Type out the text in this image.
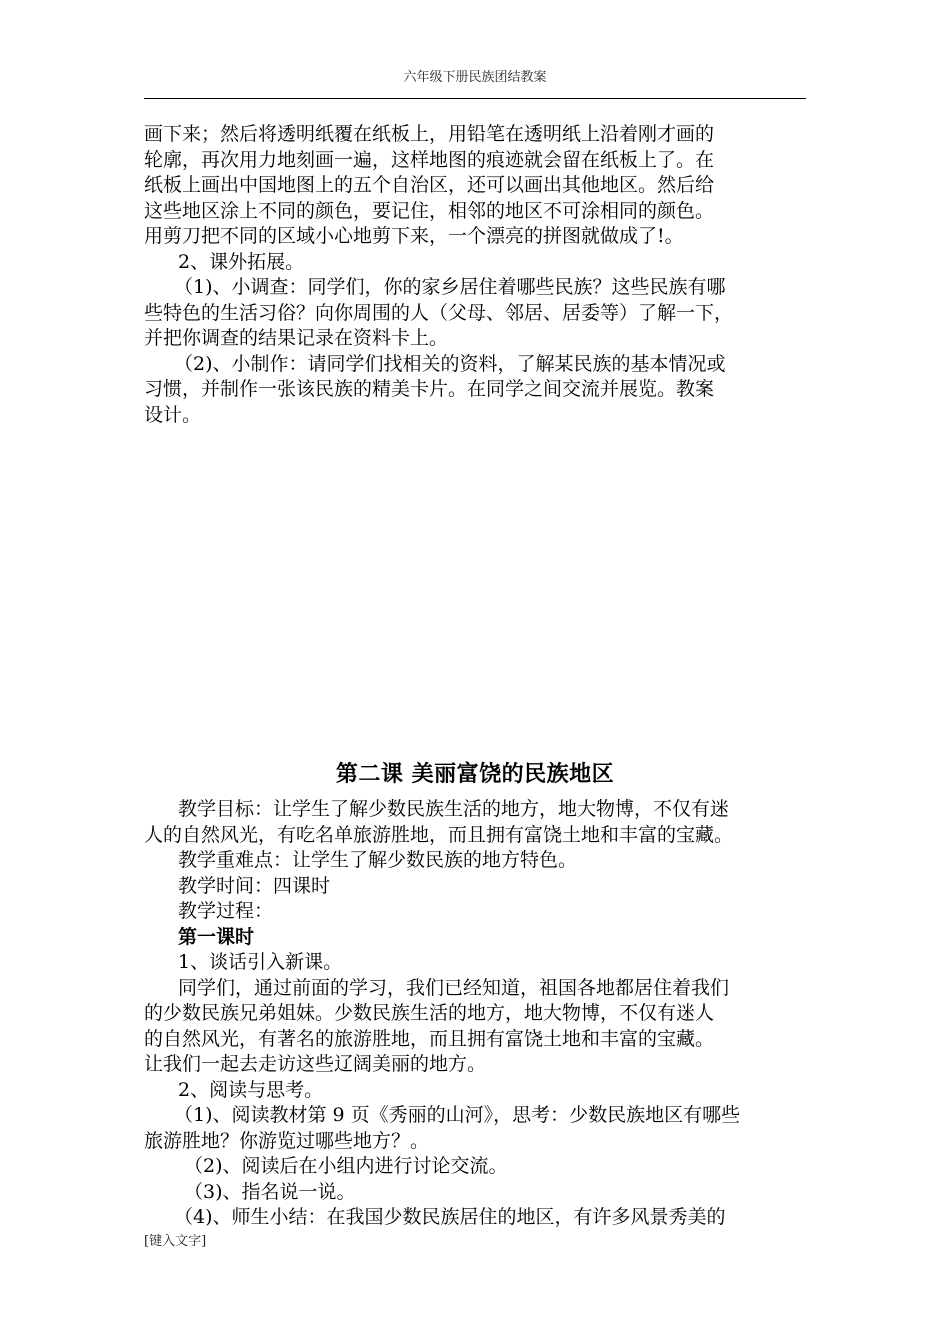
六年级下册民族团结教案

画下来；然后将透明纸覆在纸板上，用铅笔在透明纸上沿着刚才画的

轮廓，再次用力地刻画一遍，这样地图的痕迹就会留在纸板上了。在

纸板上画出中国地图上的五个自治区，还可以画出其他地区。然后给

这些地区涂上不同的颜色，要记住，相邻的地区不可涂相同的颜色。

用剪刀把不同的区域小心地剪下来，一个漂亮的拼图就做成了!。

2、课外拓展。

（1)、小调查：同学们，你的家乡居住着哪些民族？这些民族有哪

些特色的生活习俗？向你周围的人（父母、邻居、居委等）了解一下，

并把你调查的结果记录在资料卡上。

（2)、小制作：请同学们找相关的资料，了解某民族的基本情况或

习惯，并制作一张该民族的精美卡片。在同学之间交流并展览。教案

设计。

第二课 美丽富饶的民族地区

教学目标：让学生了解少数民族生活的地方，地大物博，不仅有迷

人的自然风光，有吃名单旅游胜地，而且拥有富饶土地和丰富的宝藏。

教学重难点：让学生了解少数民族的地方特色。

教学时间：四课时

教学过程：

第一课时

1、谈话引入新课。

同学们，通过前面的学习，我们已经知道，祖国各地都居住着我们

的少数民族兄弟姐妹。少数民族生活的地方，地大物博，不仅有迷人

的自然风光，有著名的旅游胜地，而且拥有富饶土地和丰富的宝藏。

让我们一起去走访这些辽阔美丽的地方。

2、阅读与思考。

（1)、阅读教材第 9 页《秀丽的山河》，思考：少数民族地区有哪些

旅游胜地？你游览过哪些地方？。

（2)、阅读后在小组内进行讨论交流。

（3)、指名说一说。

（4)、师生小结：在我国少数民族居住的地区，有许多风景秀美的

[键入文字]
